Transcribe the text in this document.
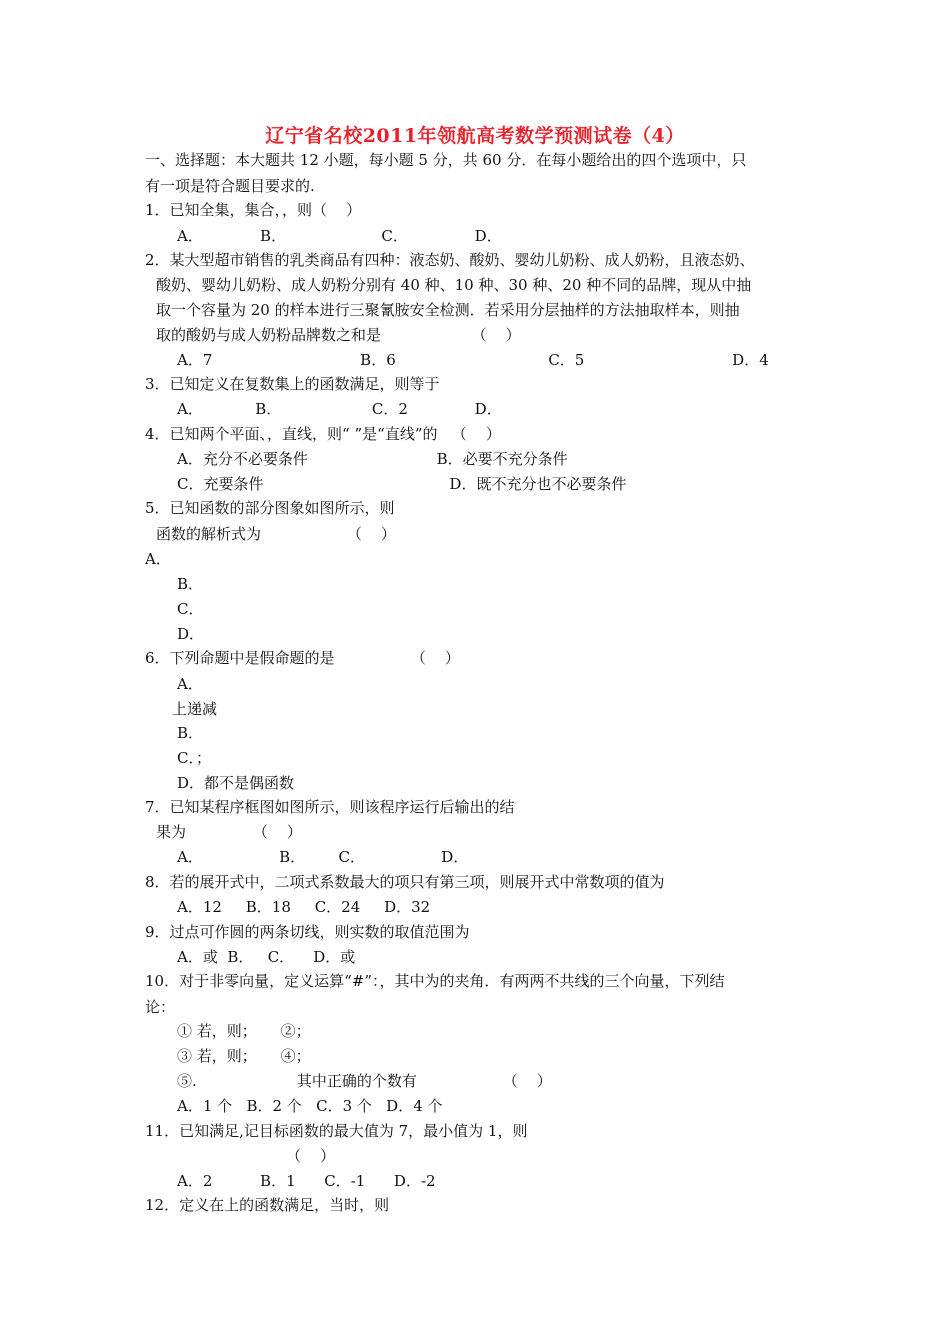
辽宁省名校2011年领航高考数学预测试卷（4）
一、选择题：本大题共 12 小题，每小题 5 分，共 60 分．在每小题给出的四个选项中，只
有一项是符合题目要求的.
1．已知全集，集合，，则（    ）
A．            B．                    C．              D．
2．某大型超市销售的乳类商品有四种：液态奶、酸奶、婴幼儿奶粉、成人奶粉，且液态奶、
酸奶、婴幼儿奶粉、成人奶粉分别有 40 种、10 种、30 种、20 种不同的品牌，现从中抽
取一个容量为 20 的样本进行三聚氰胺安全检测．若采用分层抽样的方法抽取样本，则抽
取的酸奶与成人奶粉品牌数之和是                   （    ）
A．7                               B．6                                C．5                               D．4
3．已知定义在复数集上的函数满足，则等于
A．           B．                   C．2              D．
4．已知两个平面、，直线，则“ ”是“直线”的   （    ）
A．充分不必要条件                           B．必要不充分条件
C．充要条件                                       D．既不充分也不必要条件
5．已知函数的部分图象如图所示，则
函数的解析式为                  （    ）
A．
B．
C．
D．
6．下列命题中是假命题的是                （    ）
A．
上递减
B．
C．；
D．都不是偶函数
7．已知某程序框图如图所示，则该程序运行后输出的结
果为              （    ）
A．                B．       C．                D．
8．若的展开式中，二项式系数最大的项只有第三项，则展开式中常数项的值为
A．12     B．18     C．24     D．32
9．过点可作圆的两条切线，则实数的取值范围为
A．或  B．   C．    D．或
10．对于非零向量，定义运算“#”：，其中为的夹角．有两两不共线的三个向量，下列结
论：
① 若，则；     ②；
③ 若，则；     ④；
⑤.                     其中正确的个数有                  （    ）
A．1 个   B．2 个   C．3 个   D．4 个
11．已知满足,记目标函数的最大值为 7，最小值为 1，则
（    ）
A．2          B．1      C．-1      D．-2
12．定义在上的函数满足，当时，则
